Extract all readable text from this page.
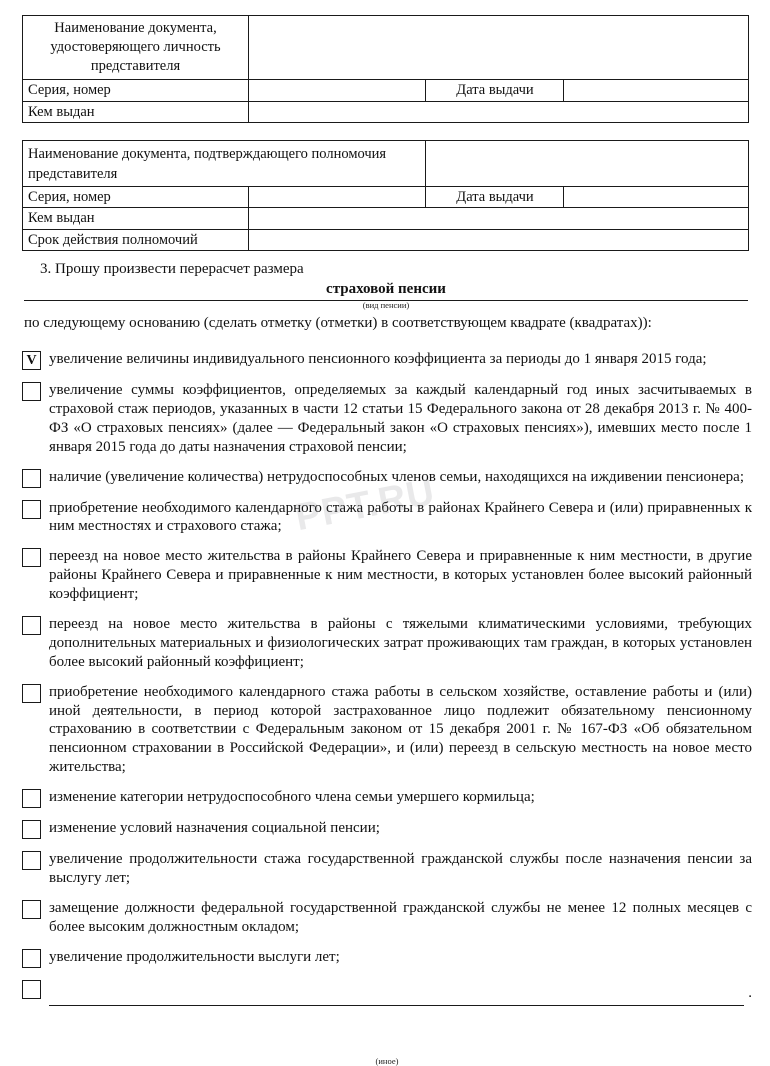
PPT.RU
Наименование документа, удостоверяющего личность представителя			
Серия, номер		Дата выдачи	
Кем выдан			
Наименование документа, подтверждающего полномочия представителя			
Серия, номер		Дата выдачи	
Кем выдан			
Срок действия полномочий			
3. Прошу произвести перерасчет размера
страховой пенсии
(вид пенсии)
по следующему основанию (сделать отметку (отметки) в соответствующем квадрате (квадратах)):
V увеличение величины индивидуального пенсионного коэффициента за периоды до 1 января 2015 года;
увеличение суммы коэффициентов, определяемых за каждый календарный год иных засчитываемых в страховой стаж периодов, указанных в части 12 статьи 15 Федерального закона от 28 декабря 2013 г. № 400-ФЗ «О страховых пенсиях» (далее — Федеральный закон «О страховых пенсиях»), имевших место после 1 января 2015 года до даты назначения страховой пенсии;
наличие (увеличение количества) нетрудоспособных членов семьи, находящихся на иждивении пенсионера;
приобретение необходимого календарного стажа работы в районах Крайнего Севера и (или) приравненных к ним местностях и страхового стажа;
переезд на новое место жительства в районы Крайнего Севера и приравненные к ним местности, в другие районы Крайнего Севера и приравненные к ним местности, в которых установлен более высокий районный коэффициент;
переезд на новое место жительства в районы с тяжелыми климатическими условиями, требующих дополнительных материальных и физиологических затрат проживающих там граждан, в которых установлен более высокий районный коэффициент;
приобретение необходимого календарного стажа работы в сельском хозяйстве, оставление работы и (или) иной деятельности, в период которой застрахованное лицо подлежит обязательному пенсионному страхованию в соответствии с Федеральным законом от 15 декабря 2001 г. № 167-ФЗ «Об обязательном пенсионном страховании в Российской Федерации», и (или) переезд в сельскую местность на новое место жительства;
изменение категории нетрудоспособного члена семьи умершего кормильца;
изменение условий назначения социальной пенсии;
увеличение продолжительности стажа государственной гражданской службы после назначения пенсии за выслугу лет;
замещение должности федеральной государственной гражданской службы не менее 12 полных месяцев с более высоким должностным окладом;
увеличение продолжительности выслуги лет;
.
(иное)
